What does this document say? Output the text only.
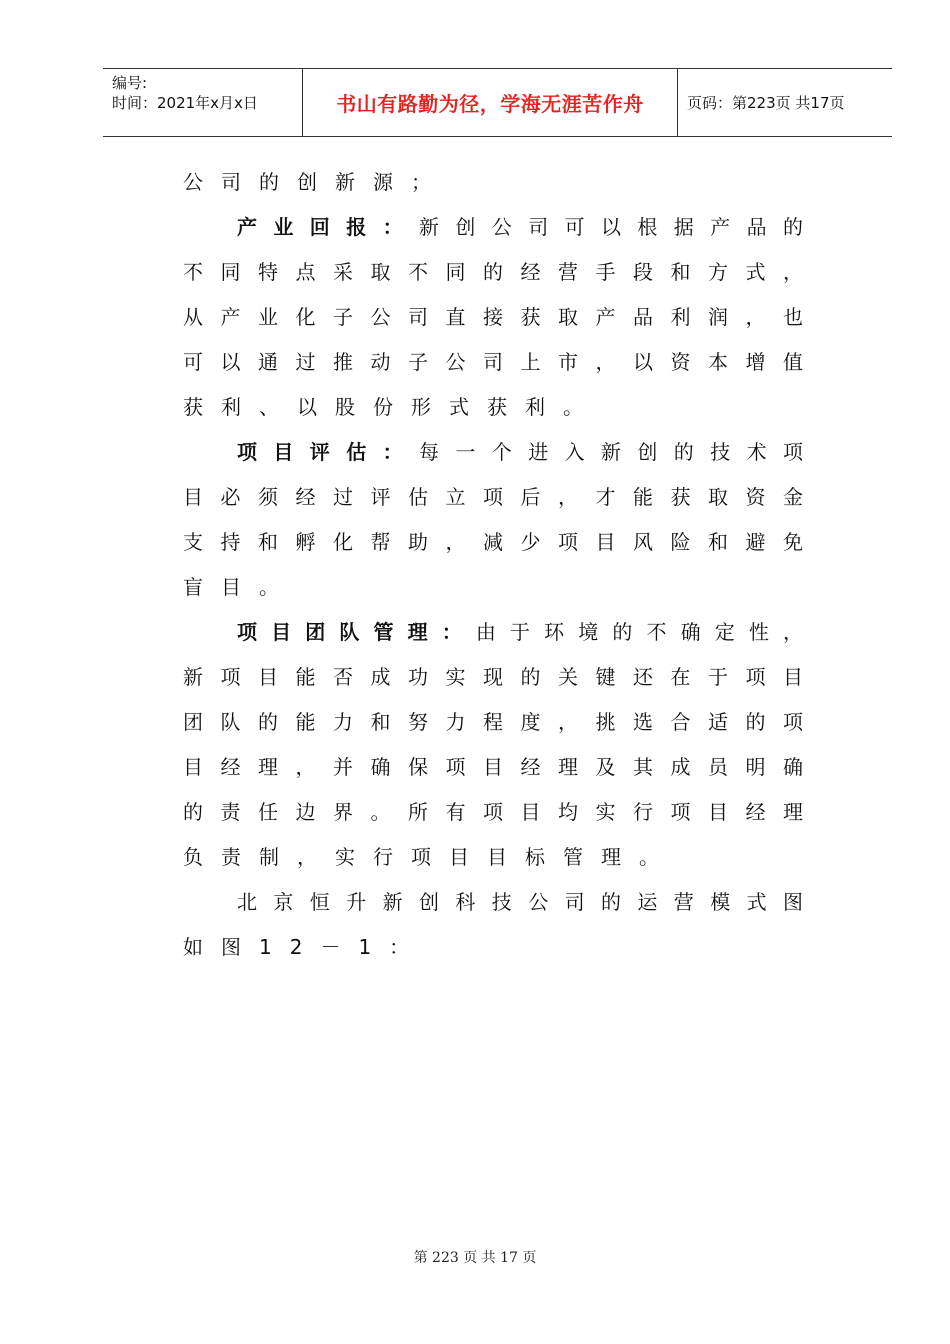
编号:
时间：2021年x月x日	书山有路勤为径，学海无涯苦作舟	页码：第223页 共17页
公司的创新源；
产业回报：新创公司可以根据产品的
不同特点采取不同的经营手段和方式，
从产业化子公司直接获取产品利润，也
可以通过推动子公司上市，以资本增值
获利、以股份形式获利。
项目评估：每一个进入新创的技术项
目必须经过评估立项后，才能获取资金
支持和孵化帮助，减少项目风险和避免
盲目。
项目团队管理：由于环境的不确定性，
新项目能否成功实现的关键还在于项目
团队的能力和努力程度，挑选合适的项
目经理，并确保项目经理及其成员明确
的责任边界。所有项目均实行项目经理
负责制，实行项目目标管理。
北京恒升新创科技公司的运营模式图
如图12－1：
第 223 页 共 17 页
